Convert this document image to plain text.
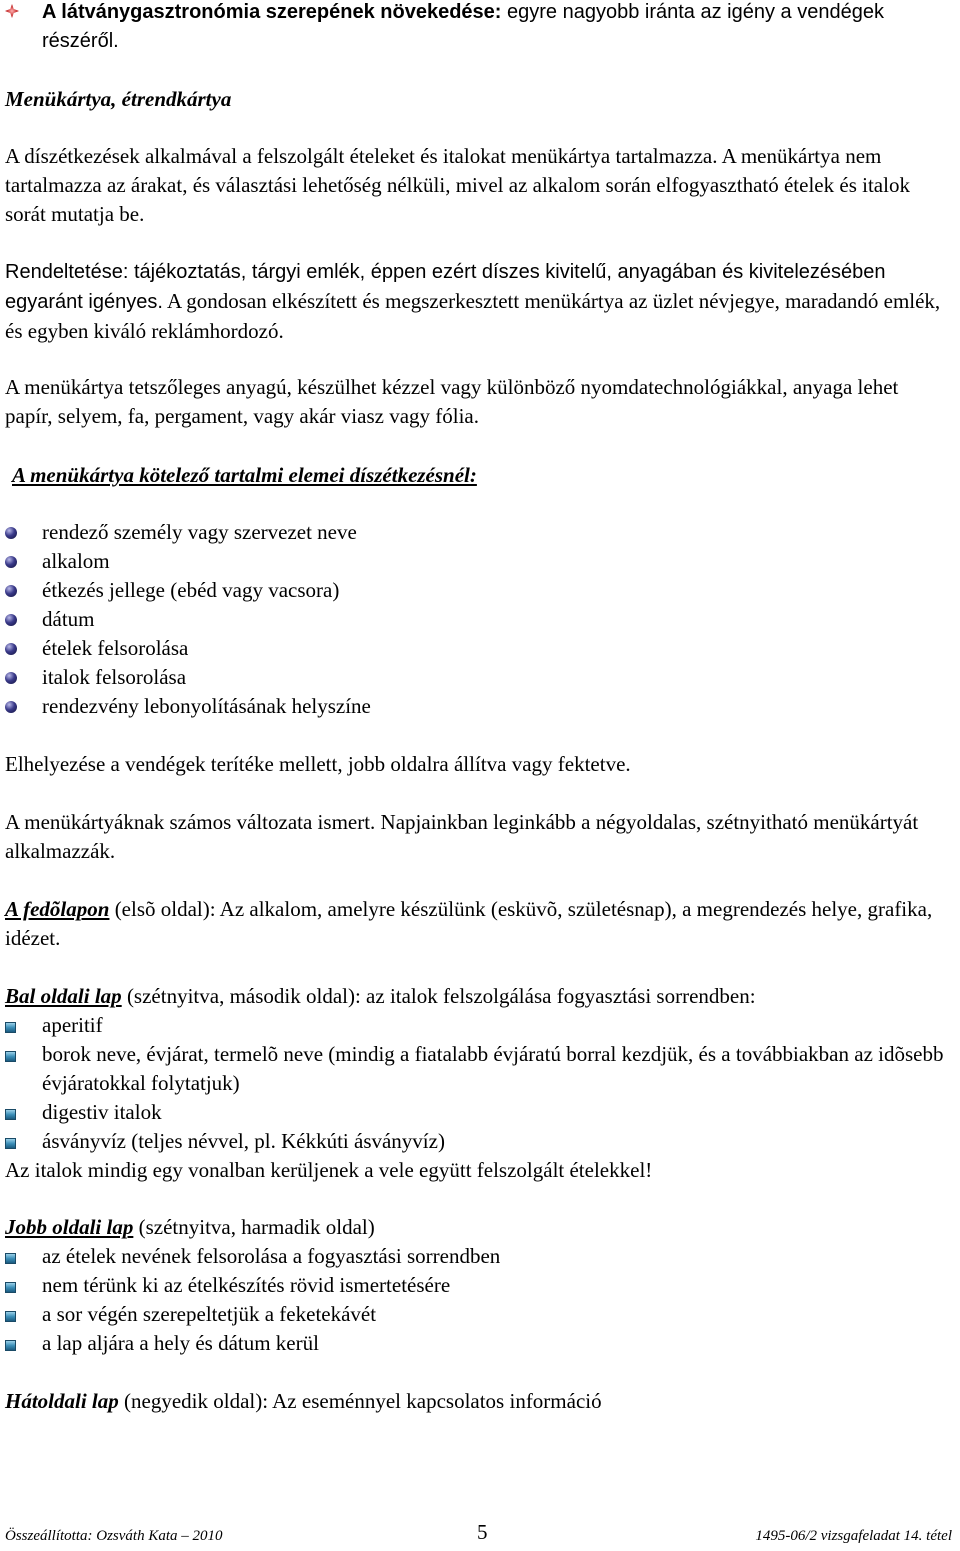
A látványgasztronómia szerepének növekedése: egyre nagyobb iránta az igény a vendégek részéről.

Menükártya, étrendkártya

A díszétkezések alkalmával a felszolgált ételeket és italokat menükártya tartalmazza. A menükártya nem tartalmazza az árakat, és választási lehetőség nélküli, mivel az alkalom során elfogyasztható ételek és italok sorát mutatja be.

Rendeltetése: tájékoztatás, tárgyi emlék, éppen ezért díszes kivitelű, anyagában és kivitelezésében egyaránt igényes. A gondosan elkészített és megszerkesztett menükártya az üzlet névjegye, maradandó emlék, és egyben kiváló reklámhordozó.

A menükártya tetszőleges anyagú, készülhet kézzel vagy különböző nyomdatechnológiákkal, anyaga lehet papír, selyem, fa, pergament, vagy akár viasz vagy fólia.

A menükártya kötelező tartalmi elemei díszétkezésnél:

rendező személy vagy szervezet neve
alkalom
étkezés jellege (ebéd vagy vacsora)
dátum
ételek felsorolása
italok felsorolása
rendezvény lebonyolításának helyszíne

Elhelyezése a vendégek terítéke mellett, jobb oldalra állítva vagy fektetve.

A menükártyáknak számos változata ismert. Napjainkban leginkább a négyoldalas, szétnyitható menükártyát alkalmazzák.

A fedõlapon (elsõ oldal): Az alkalom, amelyre készülünk (esküvõ, születésnap), a megrendezés helye, grafika, idézet.

Bal oldali lap (szétnyitva, második oldal): az italok felszolgálása fogyasztási sorrendben:

aperitif
borok neve, évjárat, termelõ neve (mindig a fiatalabb évjáratú borral kezdjük, és a továbbiakban az idõsebb évjáratokkal folytatjuk)
digestiv italok
ásványvíz (teljes névvel, pl. Kékkúti ásványvíz)

Az italok mindig egy vonalban kerüljenek a vele együtt felszolgált ételekkel!

Jobb oldali lap (szétnyitva, harmadik oldal)

az ételek nevének felsorolása a fogyasztási sorrendben
nem térünk ki az ételkészítés rövid ismertetésére
a sor végén szerepeltetjük a feketekávét
a lap aljára a hely és dátum kerül

Hátoldali lap (negyedik oldal): Az eseménnyel kapcsolatos információ

Összeállította: Ozsváth Kata – 2010	5	1495-06/2 vizsgafeladat 14. tétel
